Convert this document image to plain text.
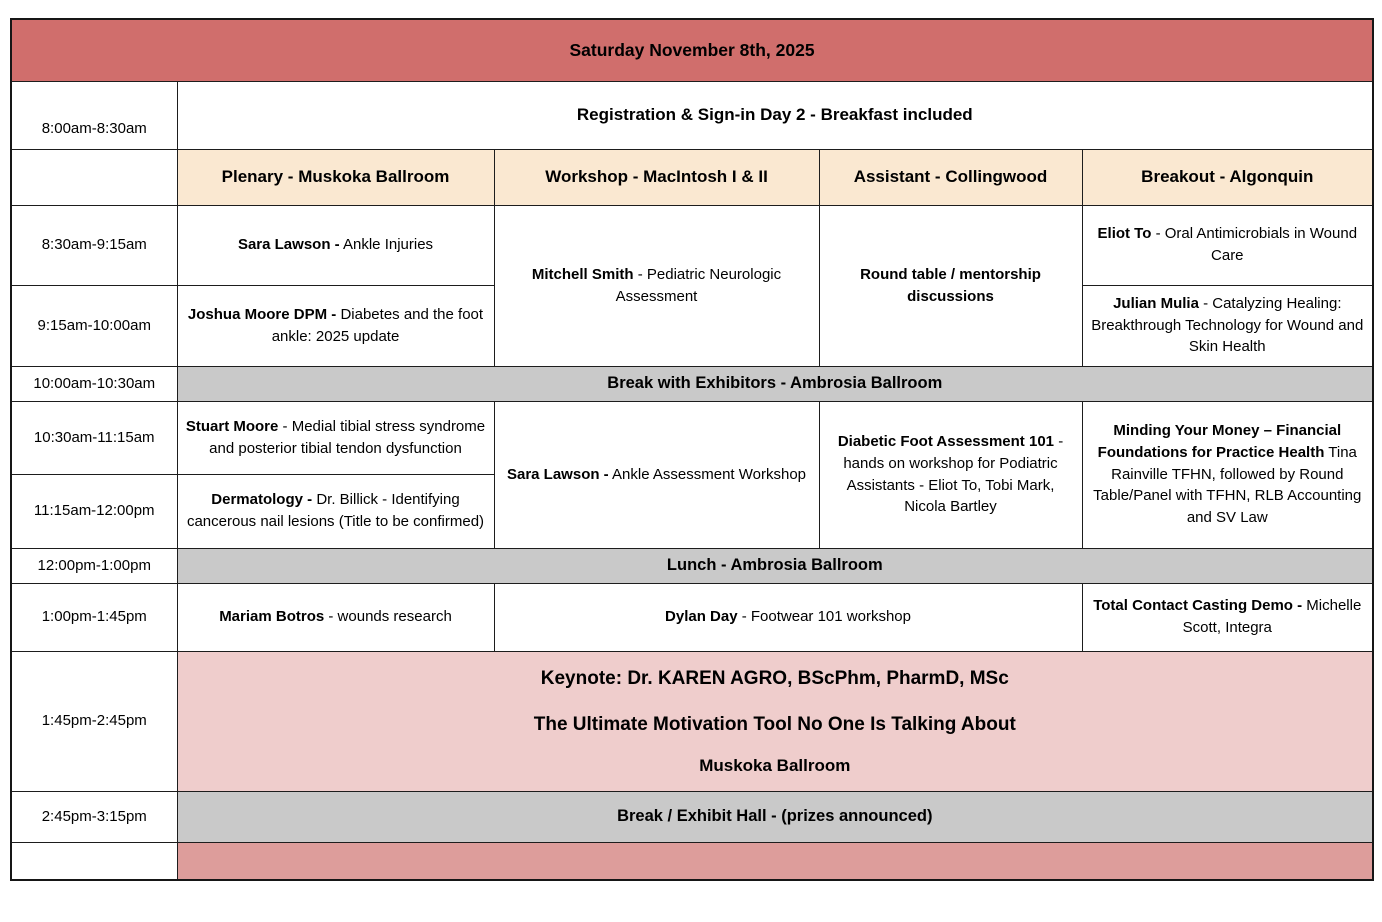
Saturday November 8th, 2025				
8:00am-8:30am	Registration & Sign-in Day 2 - Breakfast included			
	Plenary - Muskoka Ballroom	Workshop - MacIntosh I & II	Assistant - Collingwood	Breakout - Algonquin
8:30am-9:15am	Sara Lawson - Ankle Injuries	Mitchell Smith - Pediatric Neurologic Assessment	Round table / mentorship discussions	Eliot To - Oral Antimicrobials in Wound Care
9:15am-10:00am	Joshua Moore DPM - Diabetes and the foot ankle: 2025 update			Julian Mulia - Catalyzing Healing: Breakthrough Technology for Wound and Skin Health
10:00am-10:30am	Break with Exhibitors - Ambrosia Ballroom			
10:30am-11:15am	Stuart Moore - Medial tibial stress syndrome and posterior tibial tendon dysfunction	Sara Lawson - Ankle Assessment Workshop	Diabetic Foot Assessment 101 - hands on workshop for Podiatric Assistants - Eliot To, Tobi Mark, Nicola Bartley	Minding Your Money – Financial Foundations for Practice Health Tina Rainville TFHN, followed by Round Table/Panel with TFHN, RLB Accounting and SV Law
11:15am-12:00pm	Dermatology - Dr. Billick - Identifying cancerous nail lesions (Title to be confirmed)			
12:00pm-1:00pm	Lunch - Ambrosia Ballroom			
1:00pm-1:45pm	Mariam Botros - wounds research	Dylan Day - Footwear 101 workshop		Total Contact Casting Demo - Michelle Scott, Integra
1:45pm-2:45pm	Keynote: Dr. KAREN AGRO, BScPhm, PharmD, MSc
The Ultimate Motivation Tool No One Is Talking About
Muskoka Ballroom			

2:45pm-3:15pm	Break / Exhibit Hall - (prizes announced)			
